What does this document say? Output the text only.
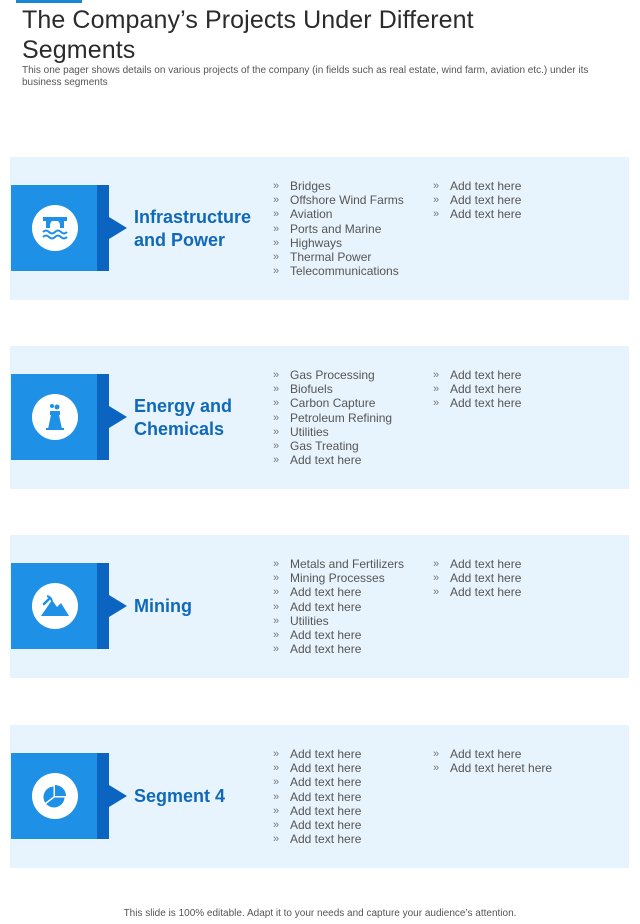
The Company’s Projects Under Different Segments

This one pager shows details on various projects of the company (in fields such as real estate, wind farm, aviation etc.) under its business segments

Infrastructure and Power
» Bridges
» Offshore Wind Farms
» Aviation
» Ports and Marine
» Highways
» Thermal Power
» Telecommunications
» Add text here
» Add text here
» Add text here
Energy and Chemicals
» Gas Processing
» Biofuels
» Carbon Capture
» Petroleum Refining
» Utilities
» Gas Treating
» Add text here
» Add text here
» Add text here
» Add text here
Mining
» Metals and Fertilizers
» Mining Processes
» Add text here
» Add text here
» Utilities
» Add text here
» Add text here
» Add text here
» Add text here
» Add text here
Segment 4
» Add text here
» Add text here
» Add text here
» Add text here
» Add text here
» Add text here
» Add text here
» Add text here
» Add text heret here
This slide is 100% editable. Adapt it to your needs and capture your audience’s attention.
